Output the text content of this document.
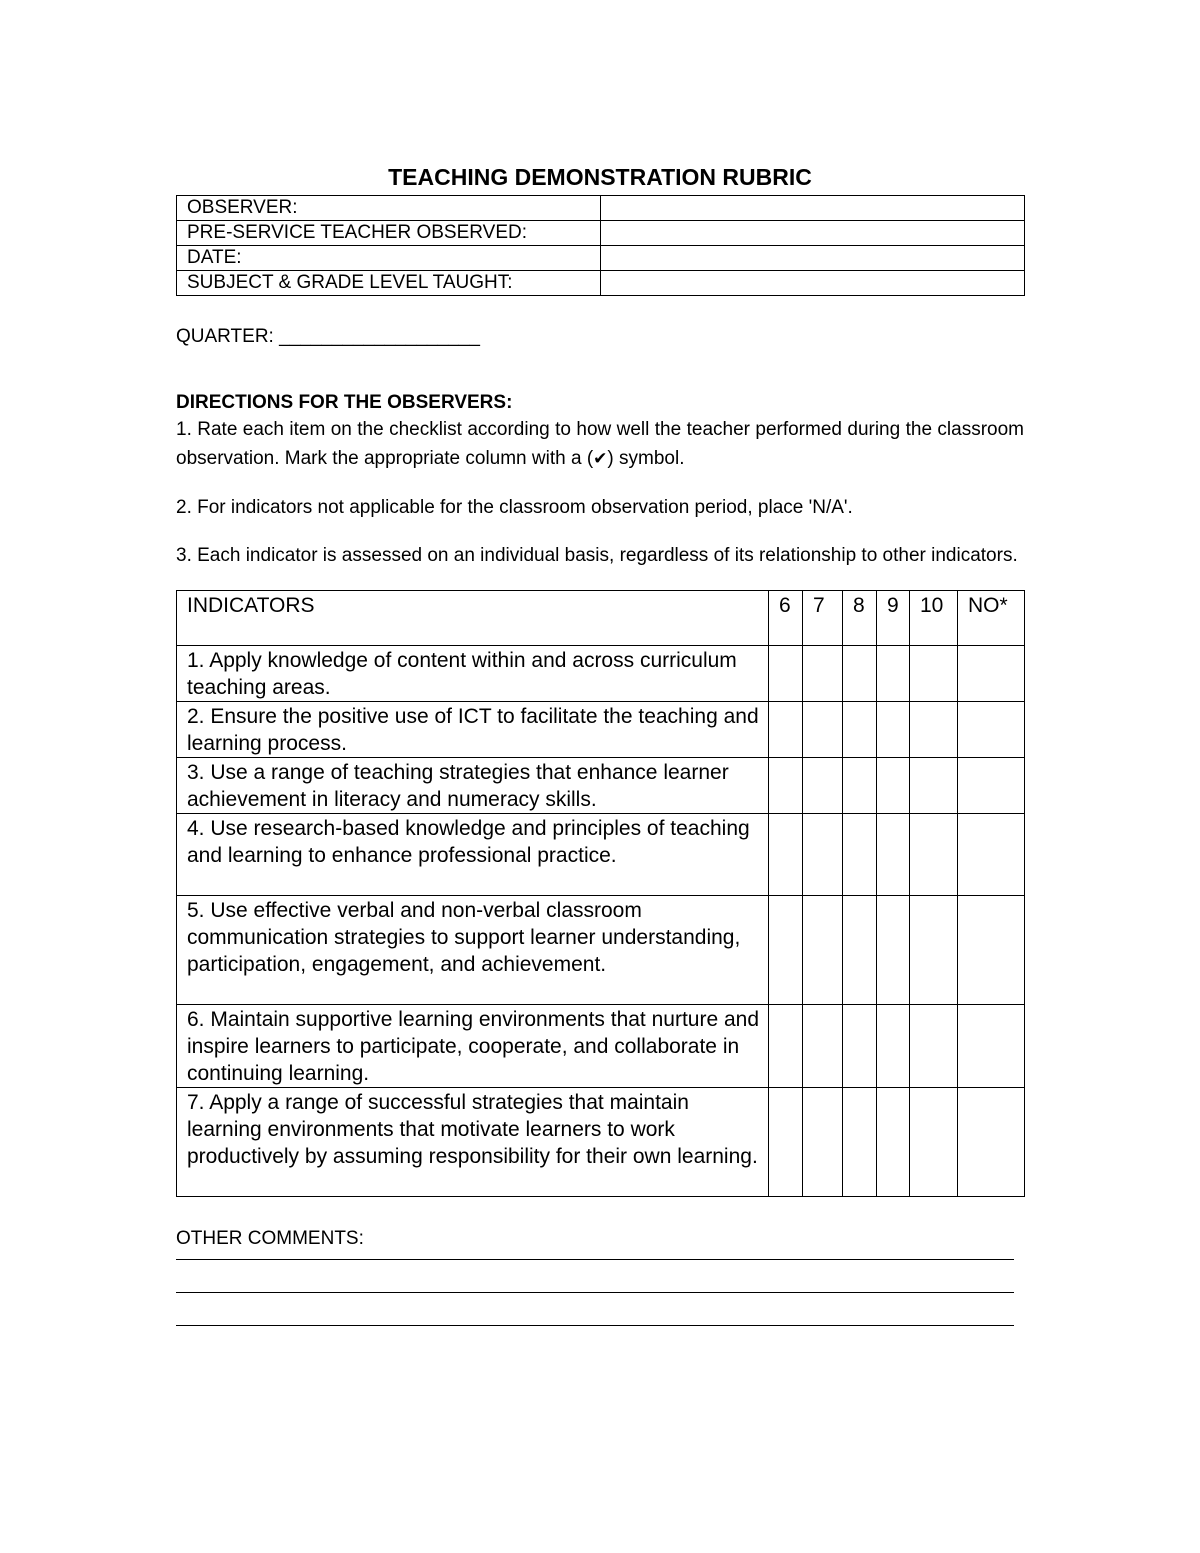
TEACHING DEMONSTRATION RUBRIC
OBSERVER:	
PRE-SERVICE TEACHER OBSERVED:	
DATE:	
SUBJECT & GRADE LEVEL TAUGHT:	
QUARTER: ___________________
DIRECTIONS FOR THE OBSERVERS:

1. Rate each item on the checklist according to how well the teacher performed during the classroom observation. Mark the appropriate column with a (✔) symbol.

2. For indicators not applicable for the classroom observation period, place 'N/A'.

3. Each indicator is assessed on an individual basis, regardless of its relationship to other indicators.

INDICATORS	6	7	8	9	10	NO*
1. Apply knowledge of content within and across curriculum teaching areas.						
2. Ensure the positive use of ICT to facilitate the teaching and learning process.						
3. Use a range of teaching strategies that enhance learner achievement in literacy and numeracy skills.						
4. Use research-based knowledge and principles of teaching and learning to enhance professional practice.						
5. Use effective verbal and non-verbal classroom communication strategies to support learner understanding, participation, engagement, and achievement.						
6. Maintain supportive learning environments that nurture and inspire learners to participate, cooperate, and collaborate in continuing learning.						
7. Apply a range of successful strategies that maintain learning environments that motivate learners to work productively by assuming responsibility for their own learning.						
OTHER COMMENTS:
